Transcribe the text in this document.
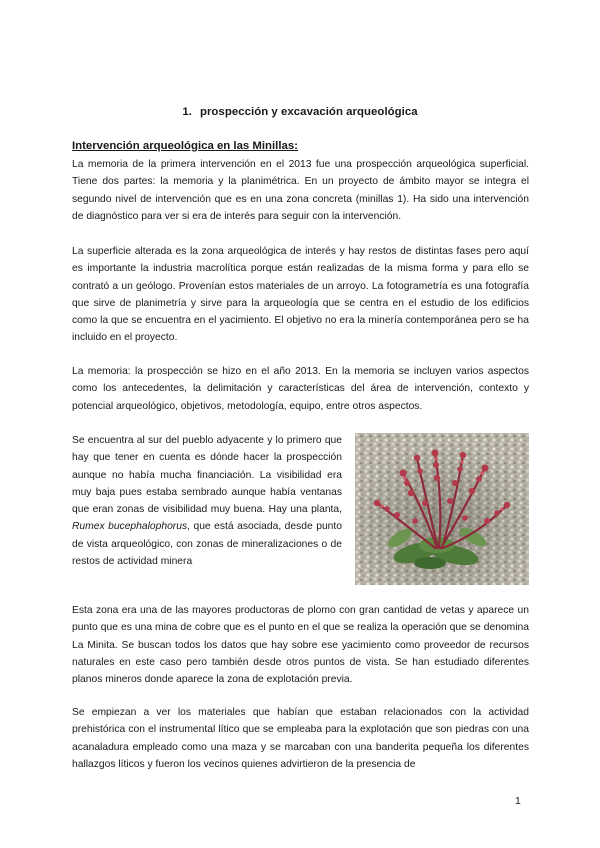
1. prospección y excavación arqueológica
Intervención arqueológica en las Minillas:

La memoria de la primera intervención en el 2013 fue una prospección arqueológica superficial. Tiene dos partes: la memoria y la planimétrica. En un proyecto de ámbito mayor se integra el segundo nivel de intervención que es en una zona concreta (minillas 1). Ha sido una intervención de diagnóstico para ver si era de interés para seguir con la intervención.

La superficie alterada es la zona arqueológica de interés y hay restos de distintas fases pero aquí es importante la industria macrolítica porque están realizadas de la misma forma y para ello se contrató a un geólogo. Provenían estos materiales de un arroyo. La fotogrametría es una fotografía que sirve de planimetría y sirve para la arqueología que se centra en el estudio de los edificios como la que se encuentra en el yacimiento. El objetivo no era la minería contemporánea pero se ha incluido en el proyecto.

La memoria: la prospección se hizo en el año 2013. En la memoria se incluyen varios aspectos como los antecedentes, la delimitación y características del área de intervención, contexto y potencial arqueológico, objetivos, metodología, equipo, entre otros aspectos.

Se encuentra al sur del pueblo adyacente y lo primero que hay que tener en cuenta es dónde hacer la prospección aunque no había mucha financiación. La visibilidad era muy baja pues estaba sembrado aunque había ventanas que eran zonas de visibilidad muy buena. Hay una planta, Rumex bucephalophorus, que está asociada, desde punto de vista arqueológico, con zonas de mineralizaciones o de restos de actividad minera

Esta zona era una de las mayores productoras de plomo con gran cantidad de vetas y aparece un punto que es una mina de cobre que es el punto en el que se realiza la operación que se denomina La Minita. Se buscan todos los datos que hay sobre ese yacimiento como proveedor de recursos naturales en este caso pero también desde otros puntos de vista. Se han estudiado diferentes planos mineros donde aparece la zona de explotación previa.

Se empiezan a ver los materiales que habían que estaban relacionados con la actividad prehistórica con el instrumental lítico que se empleaba para la explotación que son piedras con una acanaladura empleado como una maza y se marcaban con una banderita pequeña los diferentes hallazgos líticos y fueron los vecinos quienes advirtieron de la presencia de

1
